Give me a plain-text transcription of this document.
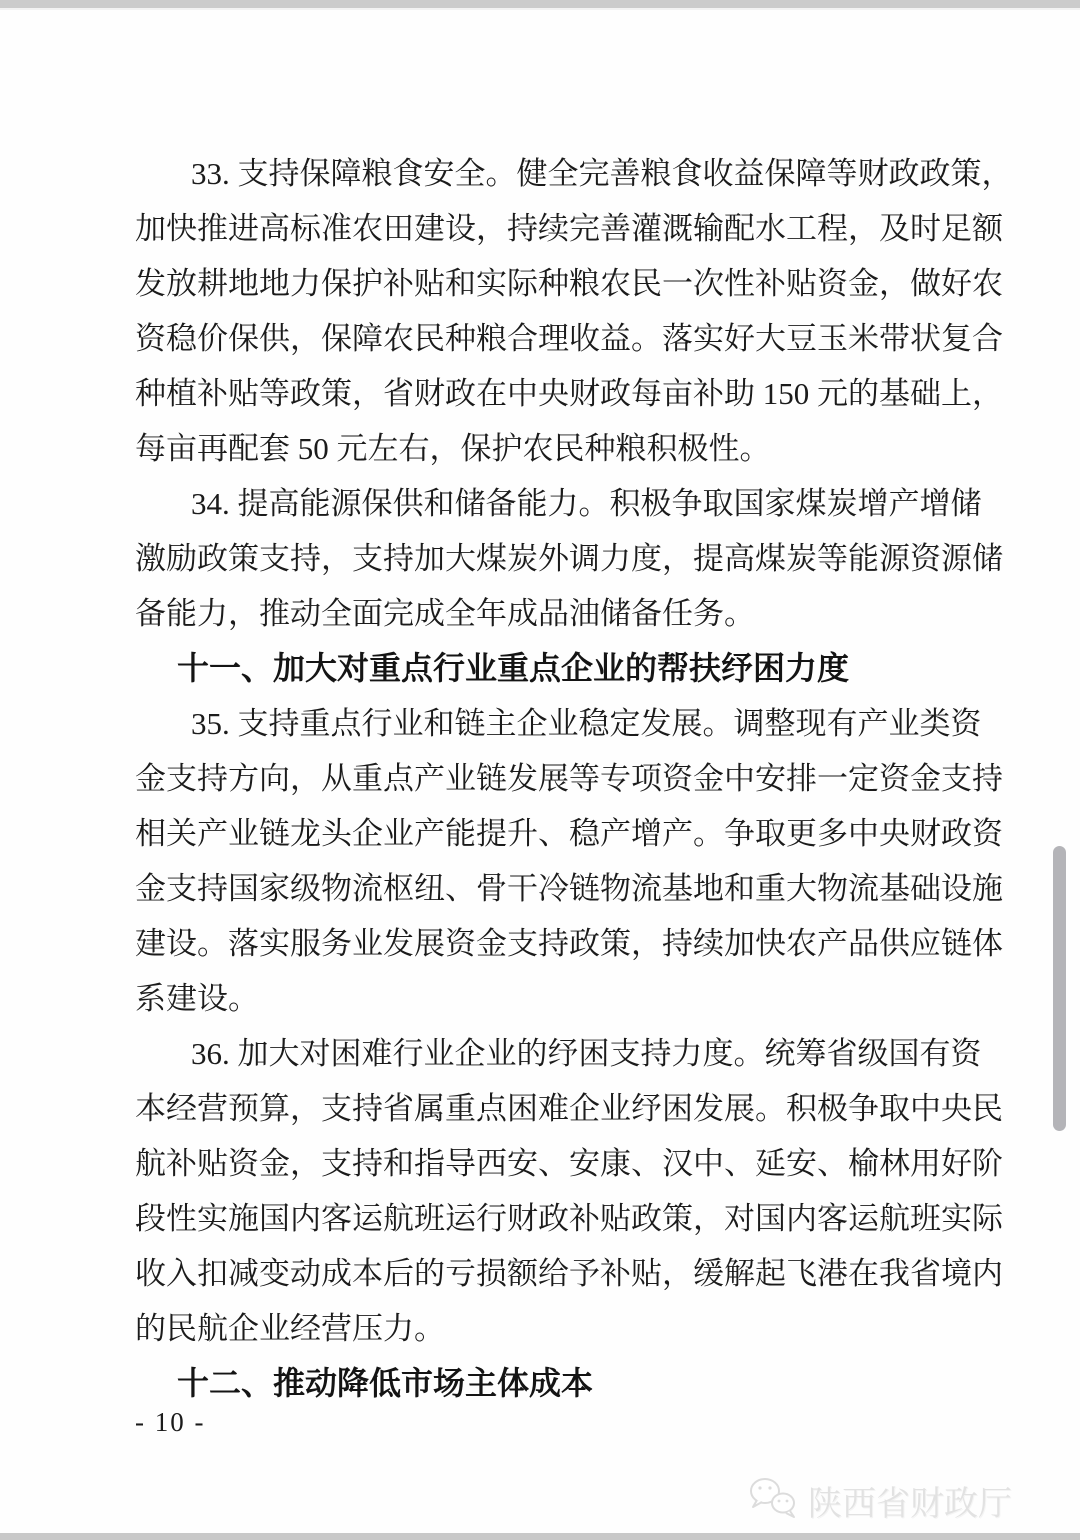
33. 支持保障粮食安全。健全完善粮食收益保障等财政政策，
加快推进高标准农田建设，持续完善灌溉输配水工程，及时足额
发放耕地地力保护补贴和实际种粮农民一次性补贴资金，做好农
资稳价保供，保障农民种粮合理收益。落实好大豆玉米带状复合
种植补贴等政策，省财政在中央财政每亩补助 150 元的基础上，
每亩再配套 50 元左右，保护农民种粮积极性。
34. 提高能源保供和储备能力。积极争取国家煤炭增产增储
激励政策支持，支持加大煤炭外调力度，提高煤炭等能源资源储
备能力，推动全面完成全年成品油储备任务。
十一、加大对重点行业重点企业的帮扶纾困力度
35. 支持重点行业和链主企业稳定发展。调整现有产业类资
金支持方向，从重点产业链发展等专项资金中安排一定资金支持
相关产业链龙头企业产能提升、稳产增产。争取更多中央财政资
金支持国家级物流枢纽、骨干冷链物流基地和重大物流基础设施
建设。落实服务业发展资金支持政策，持续加快农产品供应链体
系建设。
36. 加大对困难行业企业的纾困支持力度。统筹省级国有资
本经营预算，支持省属重点困难企业纾困发展。积极争取中央民
航补贴资金，支持和指导西安、安康、汉中、延安、榆林用好阶
段性实施国内客运航班运行财政补贴政策，对国内客运航班实际
收入扣减变动成本后的亏损额给予补贴，缓解起飞港在我省境内
的民航企业经营压力。
十二、推动降低市场主体成本
- 10 -
陕西省财政厅
